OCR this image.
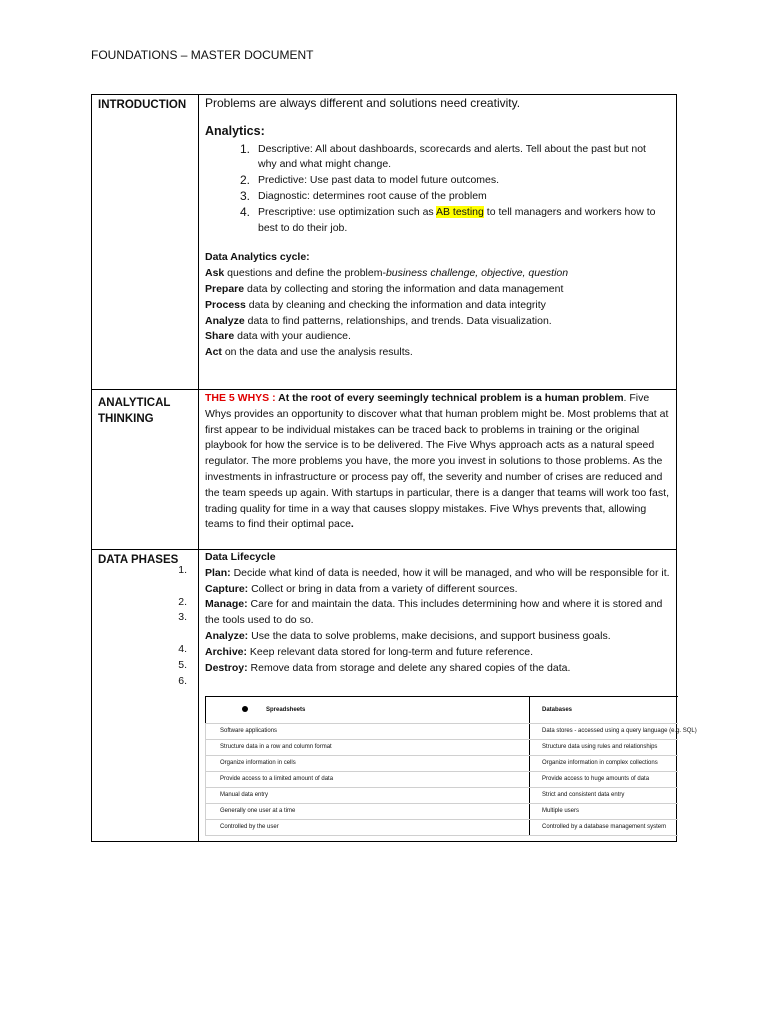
FOUNDATIONS – MASTER DOCUMENT
INTRODUCTION	Problems are always different and solutions need creativity.
Analytics:
1. Descriptive: All about dashboards, scorecards and alerts. Tell about the past but not why and what might change.
2. Predictive: Use past data to model future outcomes.
3. Diagnostic: determines root cause of the problem
4. Prescriptive: use optimization such as AB testing to tell managers and workers how to best to do their job.
Data Analytics cycle:
Ask questions and define the problem-business challenge, objective, question
Prepare data by collecting and storing the information and data management
Process data by cleaning and checking the information and data integrity
Analyze data to find patterns, relationships, and trends. Data visualization.
Share data with your audience.
Act on the data and use the analysis results.

ANALYTICAL THINKING

THE 5 WHYS : At the root of every seemingly technical problem is a human problem. Five Whys provides an opportunity to discover what that human problem might be. Most problems that at first appear to be individual mistakes can be traced back to problems in training or the original playbook for how the service is to be delivered. The Five Whys approach acts as a natural speed regulator. The more problems you have, the more you invest in solutions to those problems. As the investments in infrastructure or process pay off, the severity and number of crises are reduced and the team speeds up again. With startups in particular, there is a danger that teams will work too fast, trading quality for time in a way that causes sloppy mistakes. Five Whys prevents that, allowing teams to find their optimal pace.

DATA PHASES	Data Lifecycle
Plan: Decide what kind of data is needed, how it will be managed, and who will be responsible for it.
Capture: Collect or bring in data from a variety of different sources.
Manage: Care for and maintain the data. This includes determining how and where it is stored and the tools used to do so.
Analyze: Use the data to solve problems, make decisions, and support business goals.
Archive: Keep relevant data stored for long-term and future reference.
Destroy: Remove data from storage and delete any shared copies of the data.
Spreadsheets	Databases
Software applications	Data stores - accessed using a query language (e.g. SQL)
Structure data in a row and column format	Structure data using rules and relationships
Organize information in cells	Organize information in complex collections
Provide access to a limited amount of data	Provide access to huge amounts of data
Manual data entry	Strict and consistent data entry
Generally one user at a time	Multiple users
Controlled by the user	Controlled by a database management system
1.
2.
3.
4.
5.
6.
